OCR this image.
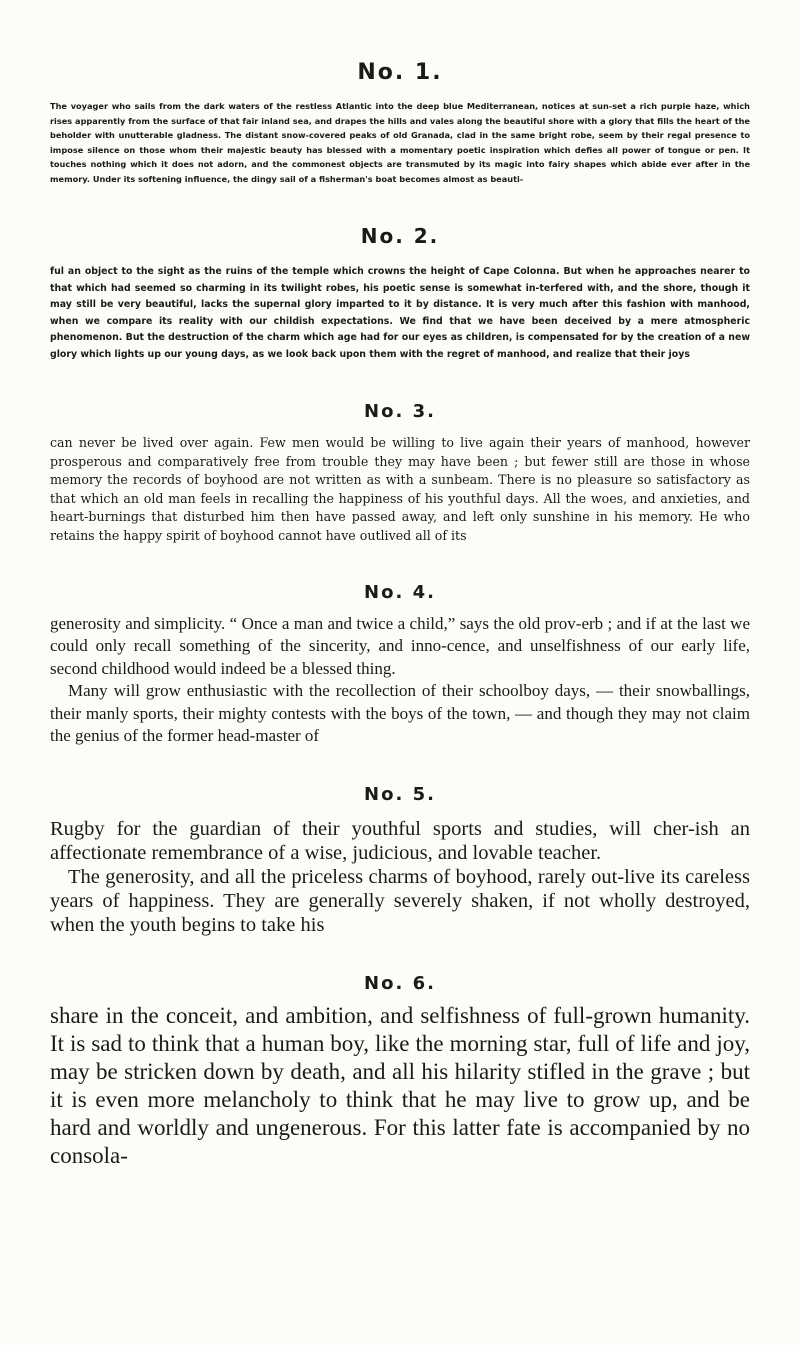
No. 1.

The voyager who sails from the dark waters of the restless Atlantic into the deep blue Mediterranean, notices at sun-set a rich purple haze, which rises apparently from the surface of that fair inland sea, and drapes the hills and vales along the beautiful shore with a glory that fills the heart of the beholder with unutterable gladness. The distant snow-covered peaks of old Granada, clad in the same bright robe, seem by their regal presence to impose silence on those whom their majestic beauty has blessed with a momentary poetic inspiration which defies all power of tongue or pen. It touches nothing which it does not adorn, and the commonest objects are transmuted by its magic into fairy shapes which abide ever after in the memory. Under its softening influence, the dingy sail of a fisherman's boat becomes almost as beauti-

No. 2.

ful an object to the sight as the ruins of the temple which crowns the height of Cape Colonna. But when he approaches nearer to that which had seemed so charming in its twilight robes, his poetic sense is somewhat in-terfered with, and the shore, though it may still be very beautiful, lacks the supernal glory imparted to it by distance. It is very much after this fashion with manhood, when we compare its reality with our childish expectations. We find that we have been deceived by a mere atmospheric phenomenon. But the destruction of the charm which age had for our eyes as children, is compensated for by the creation of a new glory which lights up our young days, as we look back upon them with the regret of manhood, and realize that their joys

No. 3.

can never be lived over again. Few men would be willing to live again their years of manhood, however prosperous and comparatively free from trouble they may have been ; but fewer still are those in whose memory the records of boyhood are not written as with a sunbeam. There is no pleasure so satisfactory as that which an old man feels in recalling the happiness of his youthful days. All the woes, and anxieties, and heart-burnings that disturbed him then have passed away, and left only sunshine in his memory. He who retains the happy spirit of boyhood cannot have outlived all of its

No. 4.

generosity and simplicity. “ Once a man and twice a child,” says the old prov-erb ; and if at the last we could only recall something of the sincerity, and inno-cence, and unselfishness of our early life, second childhood would indeed be a blessed thing.

Many will grow enthusiastic with the recollection of their schoolboy days, — their snowballings, their manly sports, their mighty contests with the boys of the town, — and though they may not claim the genius of the former head-master of

No. 5.

Rugby for the guardian of their youthful sports and studies, will cher-ish an affectionate remembrance of a wise, judicious, and lovable teacher.

The generosity, and all the priceless charms of boyhood, rarely out-live its careless years of happiness. They are generally severely shaken, if not wholly destroyed, when the youth begins to take his

No. 6.

share in the conceit, and ambition, and selfishness of full-grown humanity. It is sad to think that a human boy, like the morning star, full of life and joy, may be stricken down by death, and all his hilarity stifled in the grave ; but it is even more melancholy to think that he may live to grow up, and be hard and worldly and ungenerous. For this latter fate is accompanied by no consola-
